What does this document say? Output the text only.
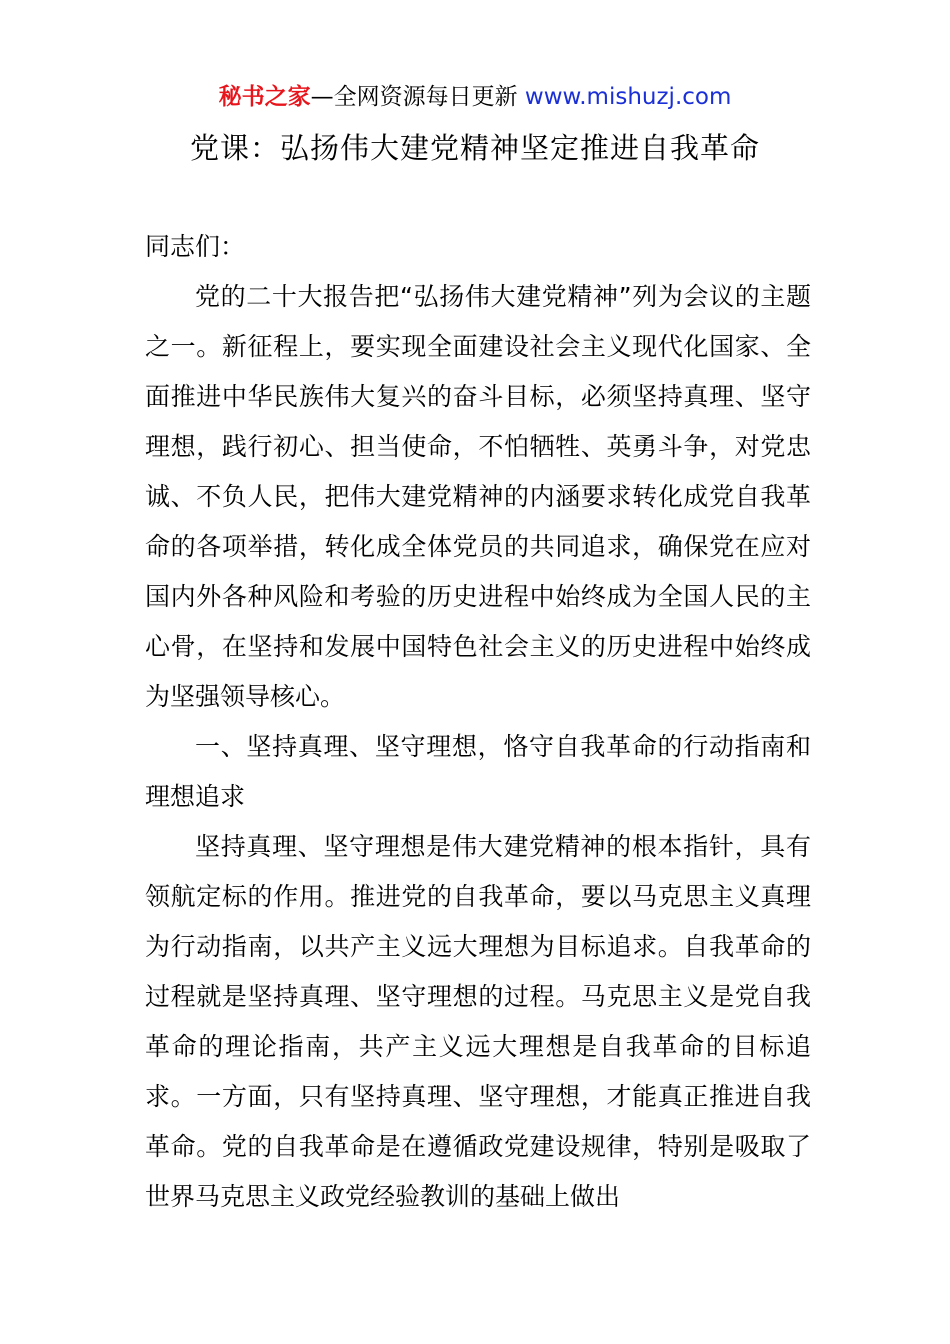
秘书之家—全网资源每日更新 www.mishuzj.com
党课：弘扬伟大建党精神坚定推进自我革命
同志们：
党的二十大报告把“弘扬伟大建党精神”列为会议的主题之一。新征程上，要实现全面建设社会主义现代化国家、全面推进中华民族伟大复兴的奋斗目标，必须坚持真理、坚守理想，践行初心、担当使命，不怕牺牲、英勇斗争，对党忠诚、不负人民，把伟大建党精神的内涵要求转化成党自我革命的各项举措，转化成全体党员的共同追求，确保党在应对国内外各种风险和考验的历史进程中始终成为全国人民的主心骨，在坚持和发展中国特色社会主义的历史进程中始终成为坚强领导核心。
一、坚持真理、坚守理想，恪守自我革命的行动指南和理想追求
坚持真理、坚守理想是伟大建党精神的根本指针，具有领航定标的作用。推进党的自我革命，要以马克思主义真理为行动指南，以共产主义远大理想为目标追求。自我革命的过程就是坚持真理、坚守理想的过程。马克思主义是党自我革命的理论指南，共产主义远大理想是自我革命的目标追求。一方面，只有坚持真理、坚守理想，才能真正推进自我革命。党的自我革命是在遵循政党建设规律，特别是吸取了世界马克思主义政党经验教训的基础上做出
